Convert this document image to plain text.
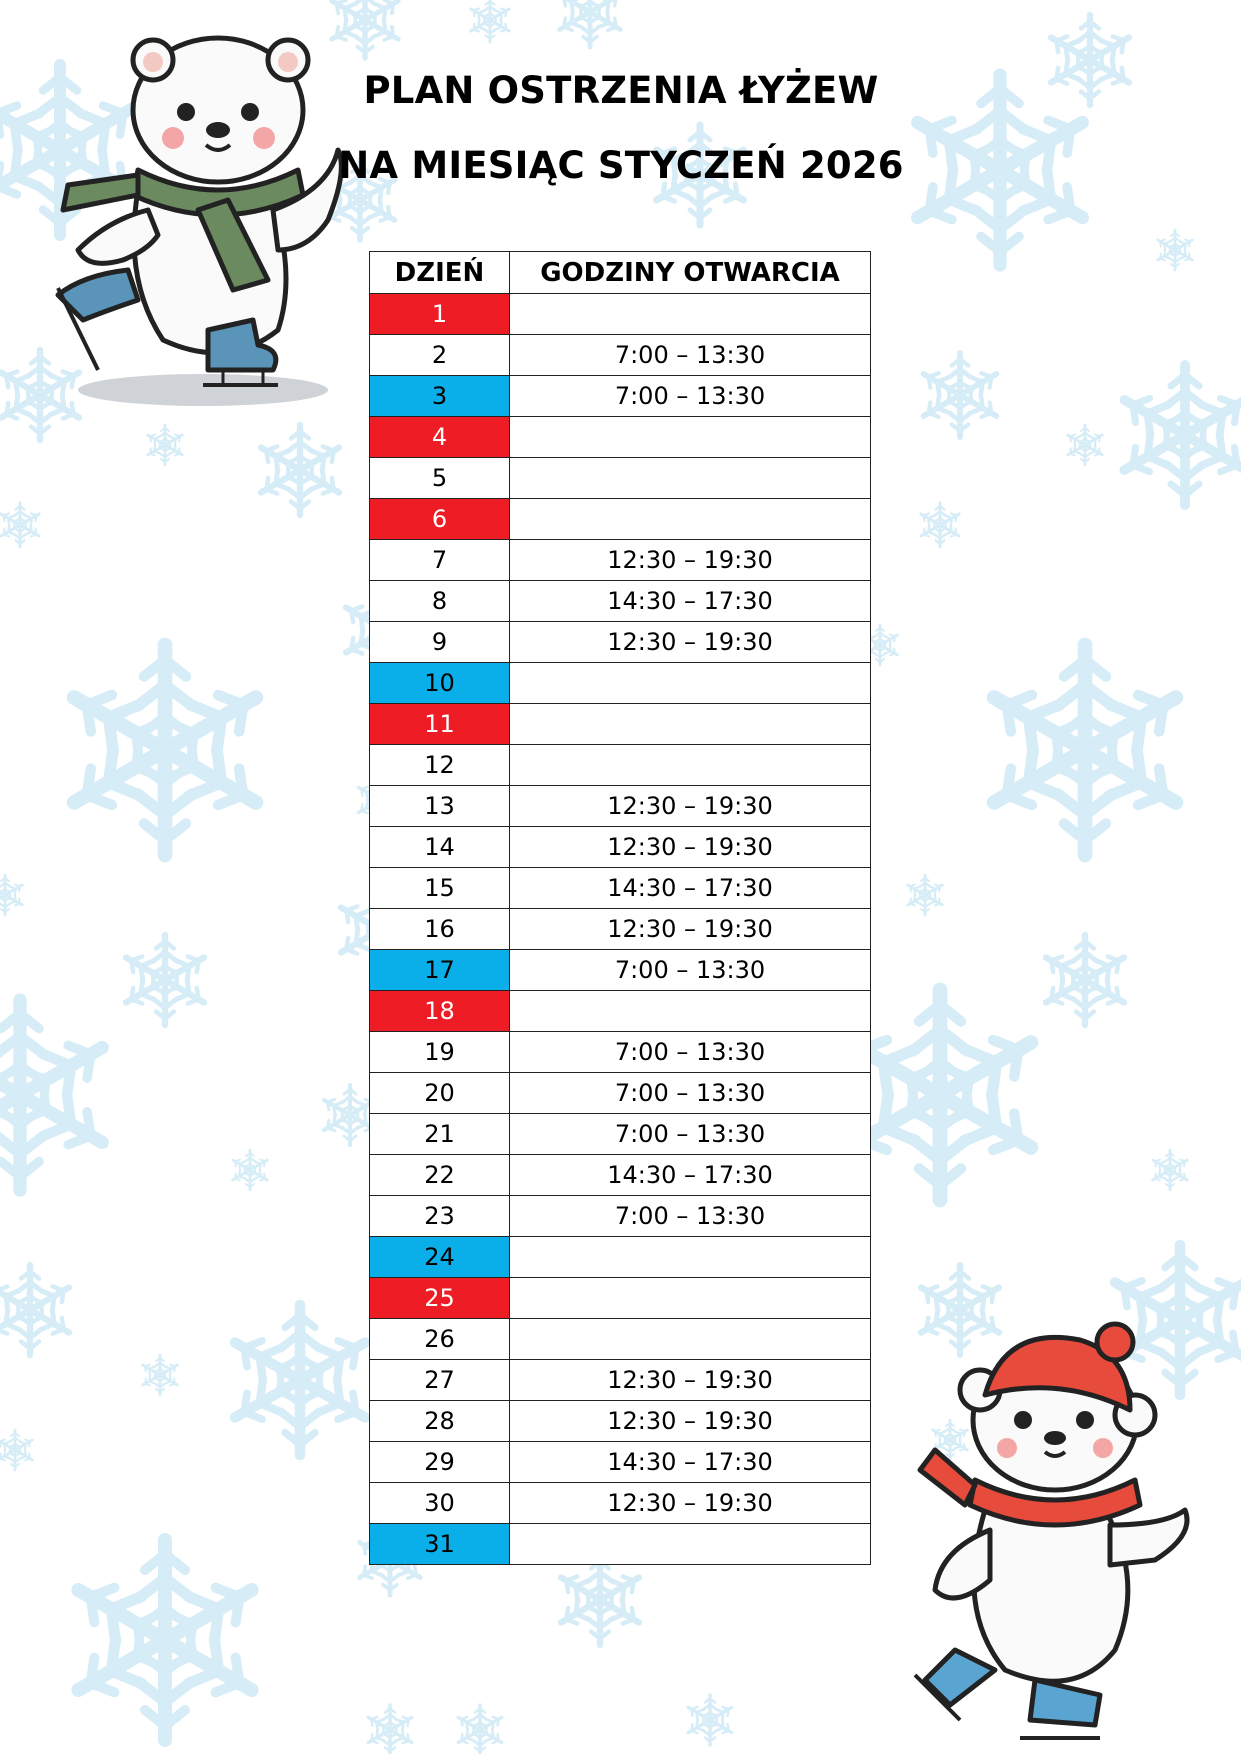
PLAN OSTRZENIA ŁYŻEW
NA MIESIĄC STYCZEŃ 2026
DZIEŃ	GODZINY OTWARCIA
1	
2	7:00 – 13:30
3	7:00 – 13:30
4	
5	
6	
7	12:30 – 19:30
8	14:30 – 17:30
9	12:30 – 19:30
10	
11	
12	
13	12:30 – 19:30
14	12:30 – 19:30
15	14:30 – 17:30
16	12:30 – 19:30
17	7:00 – 13:30
18	
19	7:00 – 13:30
20	7:00 – 13:30
21	7:00 – 13:30
22	14:30 – 17:30
23	7:00 – 13:30
24	
25	
26	
27	12:30 – 19:30
28	12:30 – 19:30
29	14:30 – 17:30
30	12:30 – 19:30
31	
